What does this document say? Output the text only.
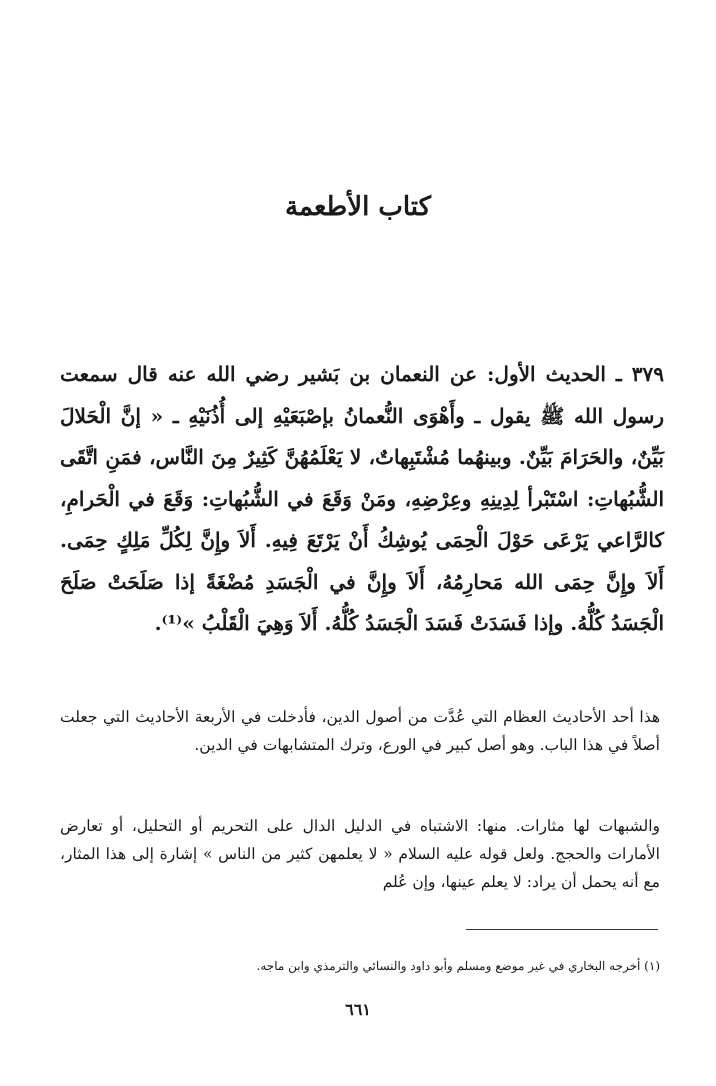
كتاب الأطعمة

٣٧٩ ـ الحديث الأول: عن النعمان بن بَشير رضي الله عنه قال سمعت رسول الله ﷺ يقول ـ وأَهْوَى النُّعمانُ بإصْبَعَيْهِ إلى أُذُنَيْهِ ـ « إنَّ الْحَلالَ بَيِّنٌ، والحَرَامَ بَيِّنٌ. وبينهُما مُشْتَبِهاتٌ، لا يَعْلَمُهُنَّ كَثِيرٌ مِنَ النَّاس، فمَنِ اتَّقَى الشُّبُهاتِ: اسْتَبْرأ لِدِينِهِ وعِرْضِهِ، ومَنْ وَقَعَ في الشُّبُهاتِ: وَقَعَ في الْحَرامِ، كالرَّاعي يَرْعَى حَوْلَ الْحِمَى يُوشِكُ أَنْ يَرْتَعَ فِيهِ. أَلاَ وإِنَّ لِكُلِّ مَلِكٍ حِمَى. أَلاَ وإِنَّ حِمَى الله مَحارِمُهُ، أَلاَ وإِنَّ في الْجَسَدِ مُضْغَةً إذا صَلَحَتْ صَلَحَ الْجَسَدُ كُلُّهُ. وإذا فَسَدَتْ فَسَدَ الْجَسَدُ كُلُّهُ. أَلاَ وَهِيَ الْقَلْبُ »⁽¹⁾.

هذا أحد الأحاديث العظام التي عُدَّت من أصول الدين، فأدخلت في الأربعة الأحاديث التي جعلت أصلاً في هذا الباب. وهو أصل كبير في الورع، وترك المتشابهات في الدين.

والشبهات لها مثارات. منها: الاشتباه في الدليل الدال على التحريم أو التحليل، أو تعارض الأمارات والحجج. ولعل قوله عليه السلام « لا يعلمهن كثير من الناس » إشارة إلى هذا المثار، مع أنه يحمل أن يراد: لا يعلم عينها، وإن عُلم

(١) أخرجه البخاري في غير موضع ومسلم وأبو داود والنسائي والترمذي وابن ماجه.

٦٦١
